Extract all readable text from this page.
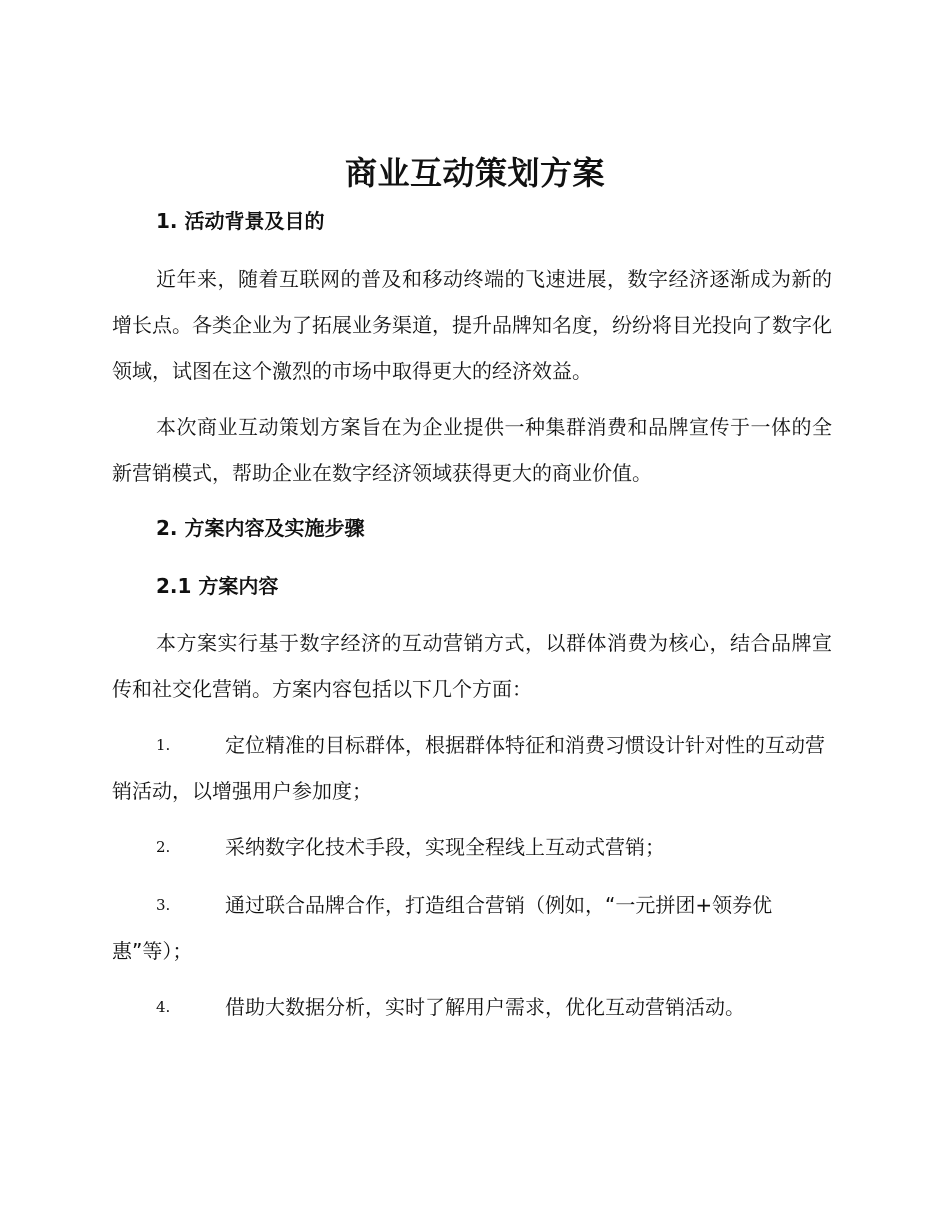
商业互动策划方案
1. 活动背景及目的

近年来，随着互联网的普及和移动终端的飞速进展，数字经济逐渐成为新的增长点。各类企业为了拓展业务渠道，提升品牌知名度，纷纷将目光投向了数字化领域，试图在这个激烈的市场中取得更大的经济效益。

本次商业互动策划方案旨在为企业提供一种集群消费和品牌宣传于一体的全新营销模式，帮助企业在数字经济领域获得更大的商业价值。

2. 方案内容及实施步骤
2.1 方案内容

本方案实行基于数字经济的互动营销方式，以群体消费为核心，结合品牌宣传和社交化营销。方案内容包括以下几个方面：

1.	定位精准的目标群体，根据群体特征和消费习惯设计针对性的互动营销活动，以增强用户参加度；

2.	采纳数字化技术手段，实现全程线上互动式营销；

3.	通过联合品牌合作，打造组合营销（例如，“一元拼团+领券优惠”等）；

4.	借助大数据分析，实时了解用户需求，优化互动营销活动。
